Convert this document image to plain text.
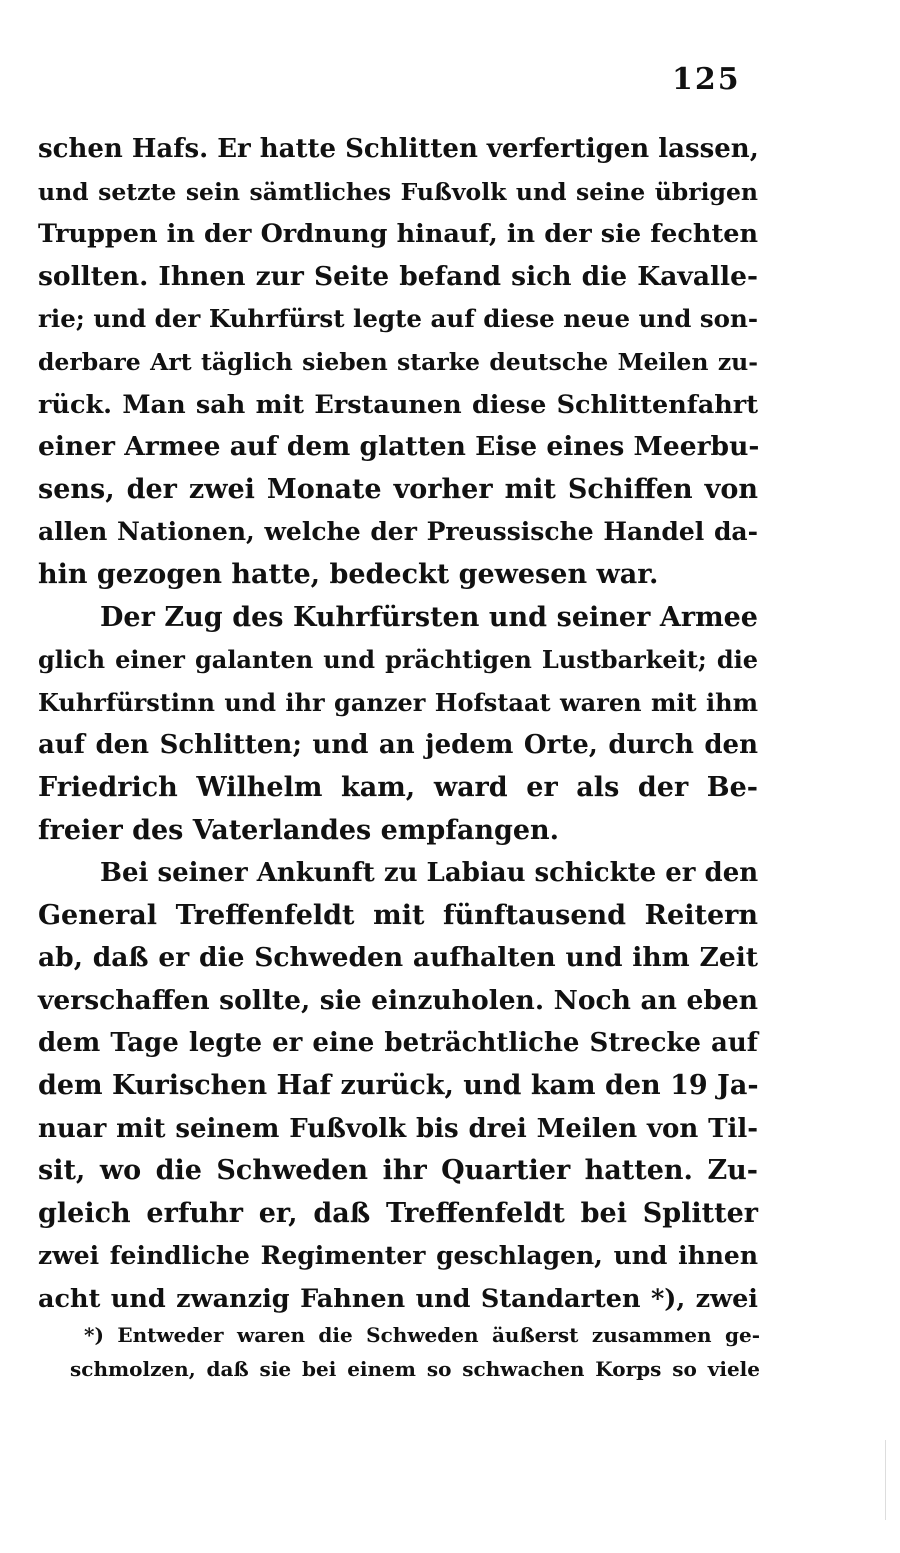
125
schen Hafs. Er hatte Schlitten verfertigen lassen,
und setzte sein sämtliches Fußvolk und seine übrigen
Truppen in der Ordnung hinauf, in der sie fechten
sollten. Ihnen zur Seite befand sich die Kavalle-
rie; und der Kuhrfürst legte auf diese neue und son-
derbare Art täglich sieben starke deutsche Meilen zu-
rück. Man sah mit Erstaunen diese Schlittenfahrt
einer Armee auf dem glatten Eise eines Meerbu-
sens, der zwei Monate vorher mit Schiffen von
allen Nationen, welche der Preussische Handel da-
hin gezogen hatte, bedeckt gewesen war.
Der Zug des Kuhrfürsten und seiner Armee
glich einer galanten und prächtigen Lustbarkeit; die
Kuhrfürstinn und ihr ganzer Hofstaat waren mit ihm
auf den Schlitten; und an jedem Orte, durch den
Friedrich Wilhelm kam, ward er als der Be-
freier des Vaterlandes empfangen.
Bei seiner Ankunft zu Labiau schickte er den
General Treffenfeldt mit fünftausend Reitern
ab, daß er die Schweden aufhalten und ihm Zeit
verschaffen sollte, sie einzuholen. Noch an eben
dem Tage legte er eine beträchtliche Strecke auf
dem Kurischen Haf zurück, und kam den 19 Ja-
nuar mit seinem Fußvolk bis drei Meilen von Til-
sit, wo die Schweden ihr Quartier hatten. Zu-
gleich erfuhr er, daß Treffenfeldt bei Splitter
zwei feindliche Regimenter geschlagen, und ihnen
acht und zwanzig Fahnen und Standarten *), zwei
*) Entweder waren die Schweden äußerst zusammen ge-
schmolzen, daß sie bei einem so schwachen Korps so viele
